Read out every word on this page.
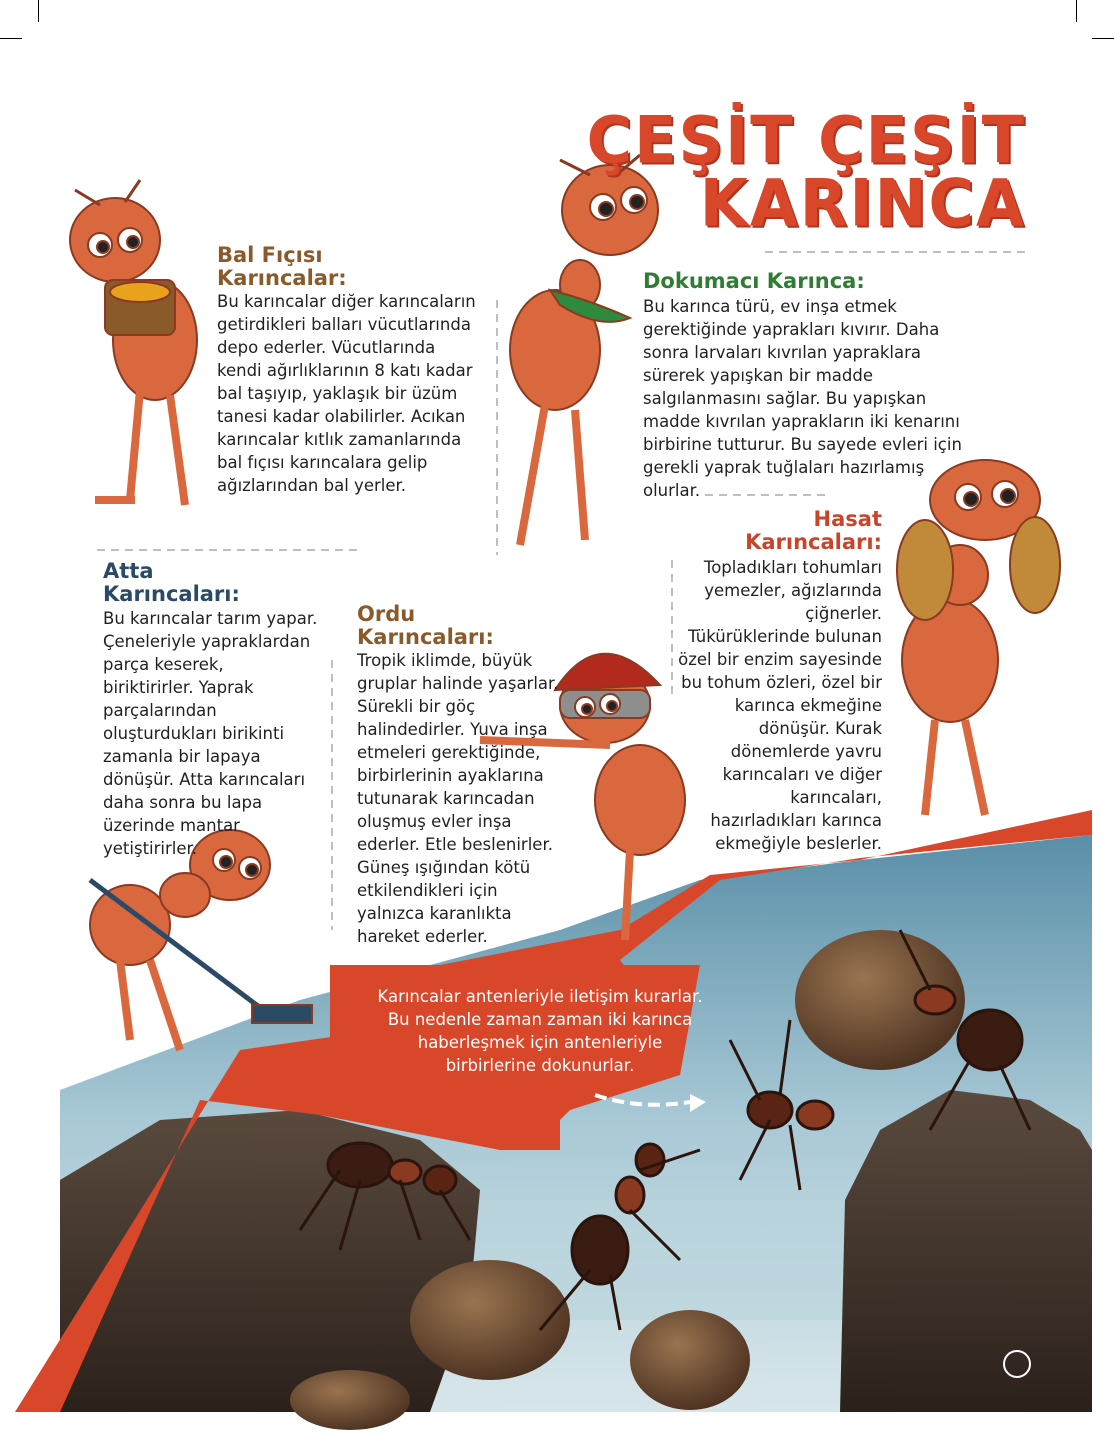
ÇEŞİT ÇEŞİT
KARINCA
Bal Fıçısı
Karıncalar:
Bu karıncalar diğer karıncaların
getirdikleri balları vücutlarında
depo ederler. Vücutlarında
kendi ağırlıklarının 8 katı kadar
bal taşıyıp, yaklaşık bir üzüm
tanesi kadar olabilirler. Acıkan
karıncalar kıtlık zamanlarında
bal fıçısı karıncalara gelip
ağızlarından bal yerler.
Dokumacı Karınca:
Bu karınca türü, ev inşa etmek
gerektiğinde yaprakları kıvırır. Daha
sonra larvaları kıvrılan yapraklara
sürerek yapışkan bir madde
salgılanmasını sağlar. Bu yapışkan
madde kıvrılan yaprakların iki kenarını
birbirine tutturur. Bu sayede evleri için
gerekli yaprak tuğlaları hazırlamış
olurlar.
Hasat
Karıncaları:
Topladıkları tohumları
yemezler, ağızlarında
çiğnerler.
Tükürüklerinde bulunan
özel bir enzim sayesinde
bu tohum özleri, özel bir
karınca ekmeğine
dönüşür. Kurak
dönemlerde yavru
karıncaları ve diğer
karıncaları,
hazırladıkları karınca
ekmeğiyle beslerler.
Atta
Karıncaları:
Bu karıncalar tarım yapar.
Çeneleriyle yapraklardan
parça keserek,
biriktirirler. Yaprak
parçalarından
oluşturdukları birikinti
zamanla bir lapaya
dönüşür. Atta karıncaları
daha sonra bu lapa
üzerinde mantar
yetiştirirler.
Ordu
Karıncaları:
Tropik iklimde, büyük
gruplar halinde yaşarlar.
Sürekli bir göç
halindedirler. Yuva inşa
etmeleri gerektiğinde,
birbirlerinin ayaklarına
tutunarak karıncadan
oluşmuş evler inşa
ederler. Etle beslenirler.
Güneş ışığından kötü
etkilendikleri için
yalnızca karanlıkta
hareket ederler.
Karıncalar antenleriyle iletişim kurarlar.
Bu nedenle zaman zaman iki karınca
haberleşmek için antenleriyle
birbirlerine dokunurlar.
